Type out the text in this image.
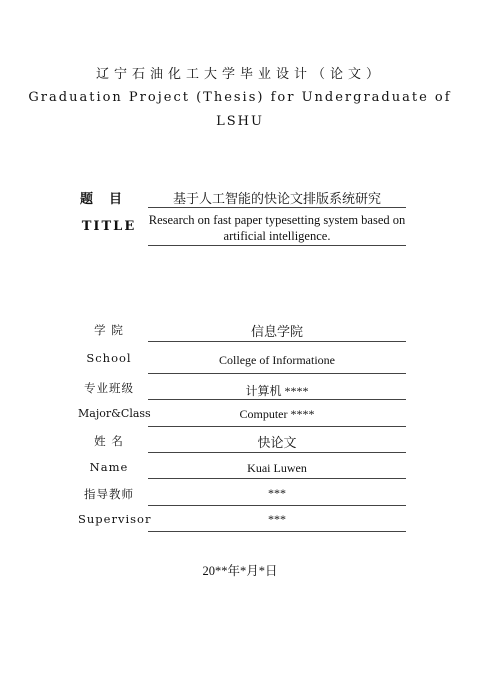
辽宁石油化工大学毕业设计（论文）
Graduation Project (Thesis) for Undergraduate of
LSHU
题目	基于人工智能的快论文排版系统研究
TITLE	Research on fast paper typesetting system based on artificial intelligence.
学 院	信息学院
School	College of Informatione
专业班级	计算机 ****
Major&Class	Computer ****
姓 名	快论文
Name	Kuai Luwen
指导教师	***
Supervisor	***
20**年*月*日
